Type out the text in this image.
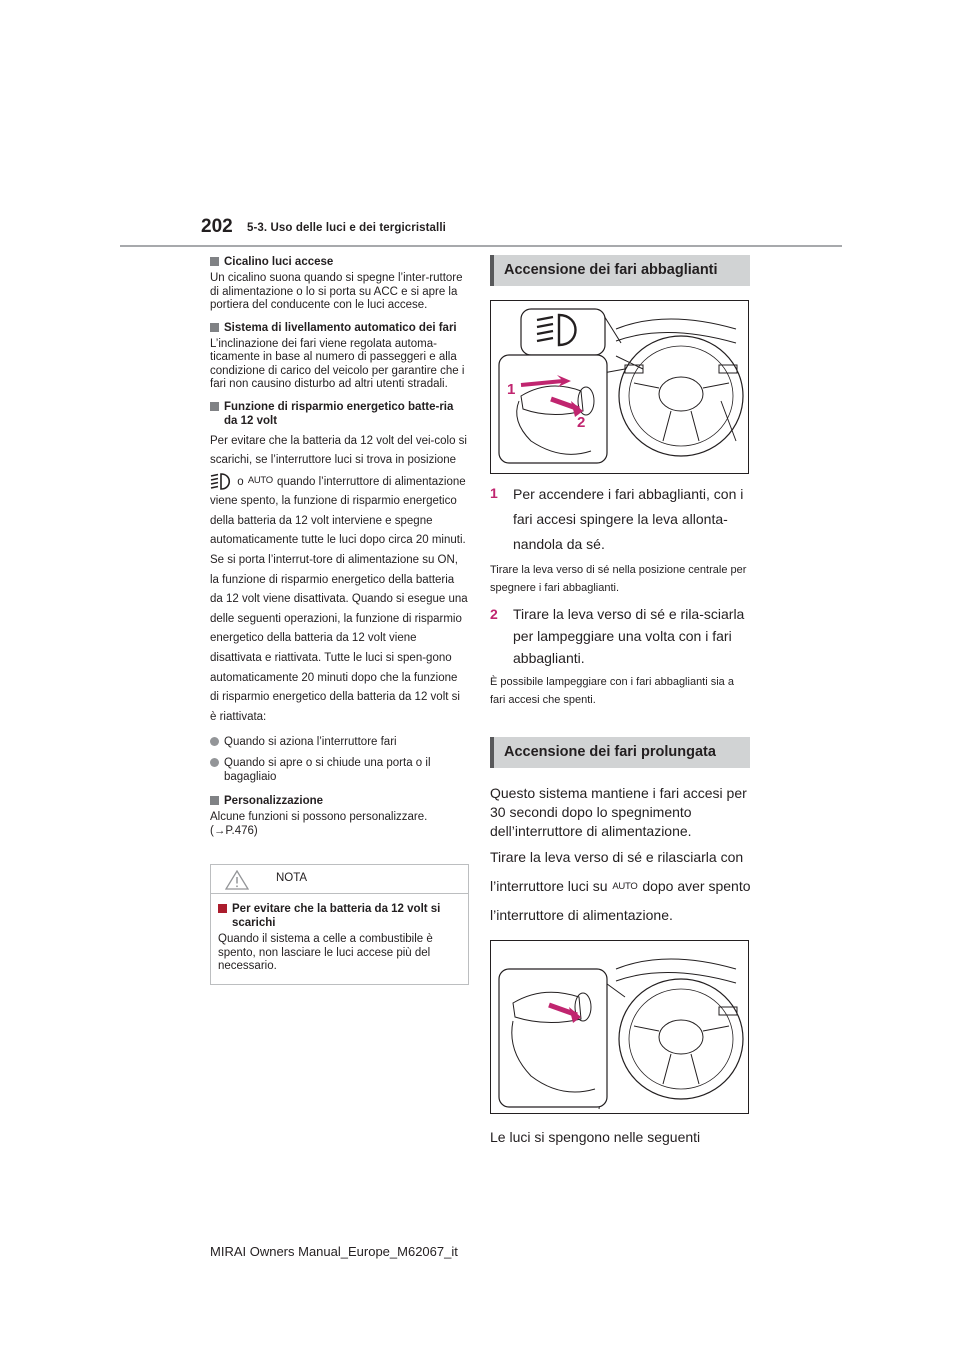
202 5-3. Uso delle luci e dei tergicristalli
Cicalino luci accese

Un cicalino suona quando si spegne l’inter-ruttore di alimentazione o lo si porta su ACC e si apre la portiera del conducente con le luci accese.

Sistema di livellamento automatico dei fari

L’inclinazione dei fari viene regolata automa-ticamente in base al numero di passeggeri e alla condizione di carico del veicolo per garantire che i fari non causino disturbo ad altri utenti stradali.

Funzione di risparmio energetico batte-ria da 12 volt

Per evitare che la batteria da 12 volt del vei-colo si scarichi, se l’interruttore luci si trova in posizione  o AUTO quando l’interruttore di alimentazione viene spento, la funzione di risparmio energetico della batteria da 12 volt interviene e spegne automaticamente tutte le luci dopo circa 20 minuti. Se si porta l’interrut-tore di alimentazione su ON, la funzione di risparmio energetico della batteria da 12 volt viene disattivata. Quando si esegue una delle seguenti operazioni, la funzione di risparmio energetico della batteria da 12 volt viene disattivata e riattivata. Tutte le luci si spen-gono automaticamente 20 minuti dopo che la funzione di risparmio energetico della batteria da 12 volt si è riattivata:

Quando si aziona l’interruttore fari
Quando si apre o si chiude una porta o il bagagliaio
Personalizzazione

Alcune funzioni si possono personalizzare. (→P.476)

NOTA
Per evitare che la batteria da 12 volt si scarichi

Quando il sistema a celle a combustibile è spento, non lasciare le luci accese più del necessario.

Accensione dei fari abbaglianti
1
2
1 Per accendere i fari abbaglianti, con i fari accesi spingere la leva allonta-nandola da sé.

Tirare la leva verso di sé nella posizione centrale per spegnere i fari abbaglianti.

2 Tirare la leva verso di sé e rila-sciarla per lampeggiare una volta con i fari abbaglianti.

È possibile lampeggiare con i fari abbaglianti sia a fari accesi che spenti.

Accensione dei fari prolungata

Questo sistema mantiene i fari accesi per 30 secondi dopo lo spegnimento dell’interruttore di alimentazione.

Tirare la leva verso di sé e rilasciarla con l’interruttore luci su AUTO dopo aver spento l’interruttore di alimentazione.

Le luci si spengono nelle seguenti

MIRAI Owners Manual_Europe_M62067_it
